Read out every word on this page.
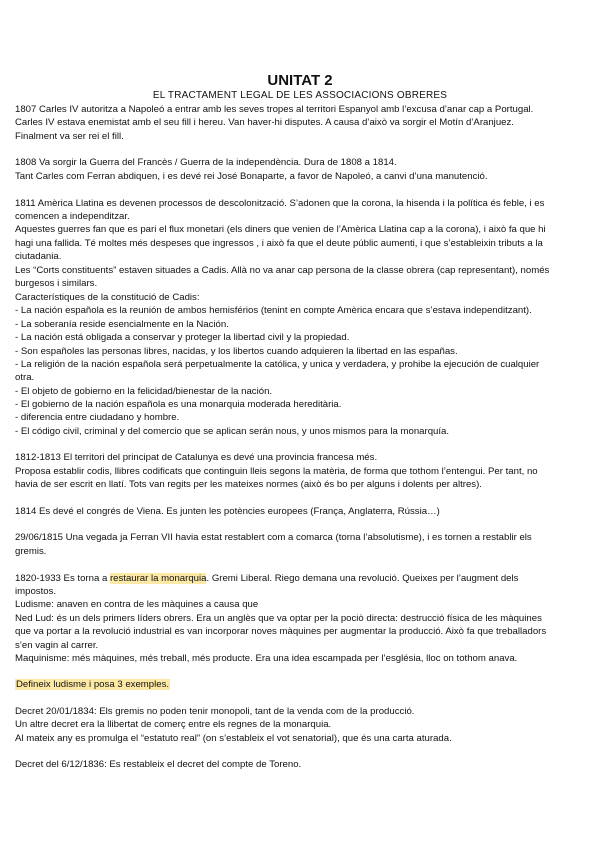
UNITAT 2
EL TRACTAMENT LEGAL DE LES ASSOCIACIONS OBRERES
1807 Carles IV autoritza a Napoleó a entrar amb les seves tropes al territori Espanyol amb l’excusa d’anar cap a Portugal.
Carles IV estava enemistat amb el seu fill i hereu. Van haver-hi disputes. A causa d’això va sorgir el Motín d’Aranjuez.
Finalment va ser rei el fill.
1808 Va sorgir la Guerra del Francès / Guerra de la independència. Dura de 1808 a 1814.
Tant Carles com Ferran abdiquen, i es devé rei José Bonaparte, a favor de Napoleó, a canvi d’una manutenció.
1811 Amèrica Llatina es devenen processos de descolonització. S’adonen que la corona, la hisenda i la política és feble, i es
comencen a independitzar.
Aquestes guerres fan que es pari el flux monetari (els diners que venien de l’Amèrica Llatina cap a la corona), i això fa que hi
hagi una fallida. Té moltes més despeses que ingressos , i això fa que el deute públic aumenti, i que s’estableixin tributs a la
ciutadania.
Les “Corts constituents” estaven situades a Cadis. Allà no va anar cap persona de la classe obrera (cap representant), només
burgesos i similars.
Característiques de la constitució de Cadis:
- La nación española es la reunión de ambos hemisférios (tenint en compte Amèrica encara que s’estava independitzant).
- La soberanía reside esencialmente en la Nación.
- La nación está obligada a conservar y proteger la libertad civil y la propiedad.
- Son españoles las personas libres, nacidas, y los libertos cuando adquieren la libertad en las españas.
- La religión de la nación española será perpetualmente la católica, y unica y verdadera, y prohibe la ejecución de cualquier
otra.
- El objeto de gobierno en la felicidad/bienestar de la nación.
- El gobierno de la nación española es una monarquia moderada hereditària.
- diferencia entre ciudadano y hombre.
- El código civil, criminal y del comercio que se aplican serán nous, y unos mismos para la monarquía.
1812-1813 El territori del principat de Catalunya es devé una provincia francesa més.
Proposa establir codis, llibres codificats que continguin lleis segons la matèria, de forma que tothom l’entengui. Per tant, no
havia de ser escrit en llatí. Tots van regits per les mateixes normes (això és bo per alguns i dolents per altres).
1814 Es devé el congrés de Viena. Es junten les potències europees (França, Anglaterra, Rússia…)
29/06/1815 Una vegada ja Ferran VII havia estat restablert com a comarca (torna l’absolutisme), i es tornen a restablir els
gremis.
1820-1933 Es torna a restaurar la monarquia. Gremi Liberal. Riego demana una revolució. Queixes per l’augment dels
impostos.
Ludisme: anaven en contra de les màquines a causa que
Ned Lud: és un dels primers líders obrers. Era un anglès que va optar per la pociò directa: destrucció física de les màquines
que va portar a la revolució industrial es van incorporar noves màquines per augmentar la producció. Això fa que treballadors
s’en vagin al carrer.
Maquinisme: més màquines, més treball, més producte. Era una idea escampada per l’església, lloc on tothom anava.
Defineix ludisme i posa 3 exemples.
Decret 20/01/1834: Els gremis no poden tenir monopoli, tant de la venda com de la producció.
Un altre decret era la llibertat de comerç entre els regnes de la monarquia.
Al mateix any es promulga el “estatuto real” (on s’estableix el vot senatorial), que és una carta aturada.
Decret del 6/12/1836: Es restableix el decret del compte de Toreno.
